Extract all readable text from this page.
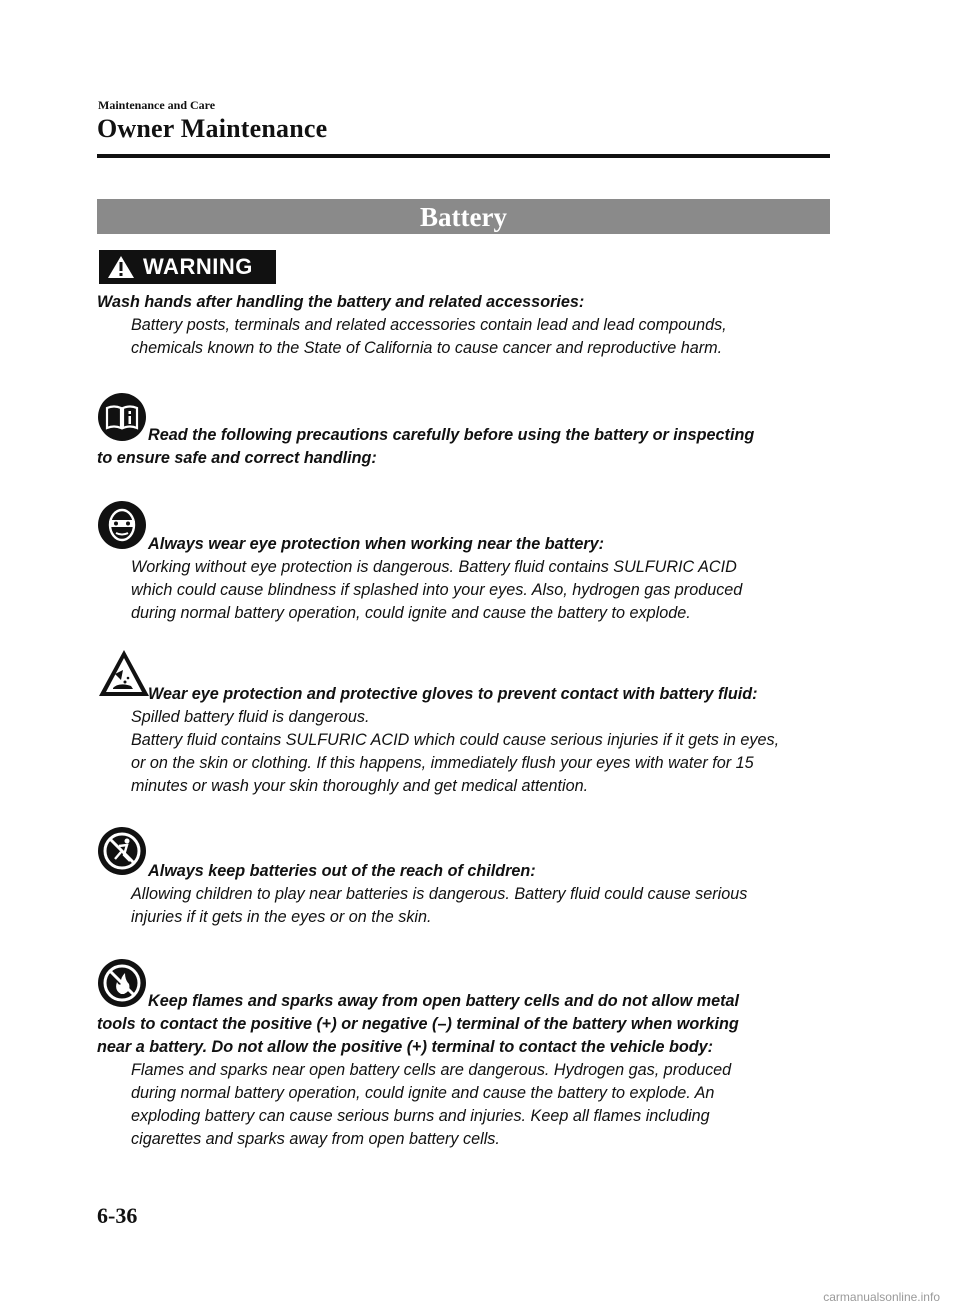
Maintenance and Care
Owner Maintenance
Battery
WARNING
Wash hands after handling the battery and related accessories:
Battery posts, terminals and related accessories contain lead and lead compounds,
chemicals known to the State of California to cause cancer and reproductive harm.
Read the following precautions carefully before using the battery or inspecting
to ensure safe and correct handling:
Always wear eye protection when working near the battery:
Working without eye protection is dangerous. Battery fluid contains SULFURIC ACID
which could cause blindness if splashed into your eyes. Also, hydrogen gas produced
during normal battery operation, could ignite and cause the battery to explode.
Wear eye protection and protective gloves to prevent contact with battery fluid:
Spilled battery fluid is dangerous.
Battery fluid contains SULFURIC ACID which could cause serious injuries if it gets in eyes,
or on the skin or clothing. If this happens, immediately flush your eyes with water for 15
minutes or wash your skin thoroughly and get medical attention.
Always keep batteries out of the reach of children:
Allowing children to play near batteries is dangerous. Battery fluid could cause serious
injuries if it gets in the eyes or on the skin.
Keep flames and sparks away from open battery cells and do not allow metal
tools to contact the positive (+) or negative (–) terminal of the battery when working
near a battery. Do not allow the positive (+) terminal to contact the vehicle body:
Flames and sparks near open battery cells are dangerous. Hydrogen gas, produced
during normal battery operation, could ignite and cause the battery to explode. An
exploding battery can cause serious burns and injuries. Keep all flames including
cigarettes and sparks away from open battery cells.
6-36
carmanualsonline.info
